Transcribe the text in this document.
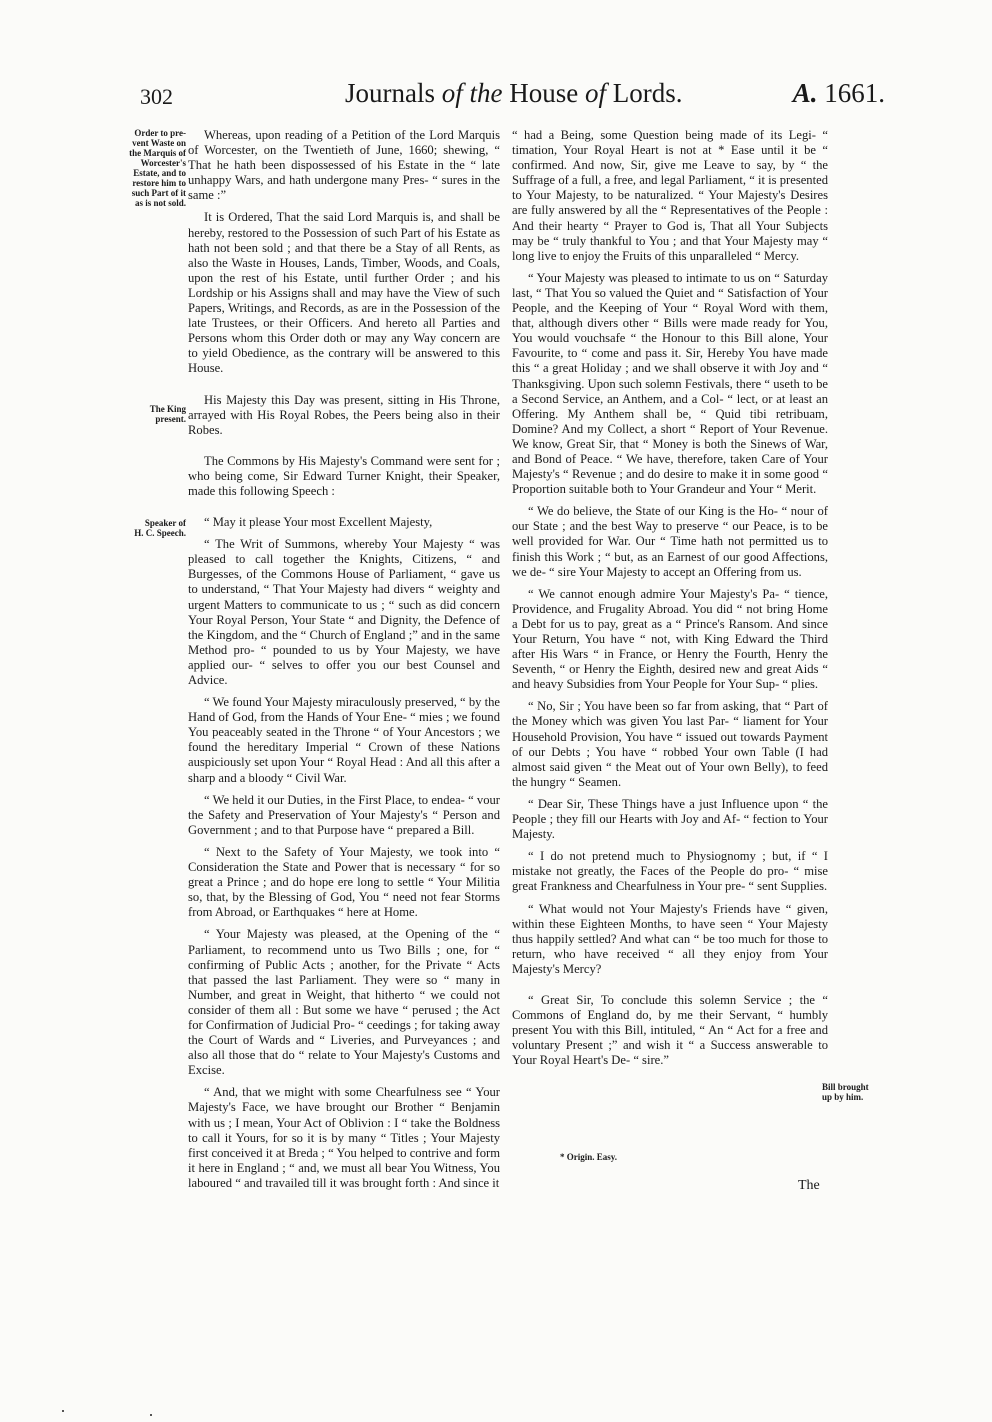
302	Journals of the House of Lords.	A. 1661.
Order to pre-
vent Waste on
the Marquis of
Worcester's
Estate, and to
restore him to
such Part of it
as is not sold.
The King
present.
Speaker of
H. C. Speech.
Bill brought
up by him.

Whereas, upon reading of a Petition of the Lord Marquis of Worcester, on the Twentieth of June, 1660; shewing, “ That he hath been dispossessed of his Estate in the “ late unhappy Wars, and hath undergone many Pres- “ sures in the same :”

It is Ordered, That the said Lord Marquis is, and shall be hereby, restored to the Possession of such Part of his Estate as hath not been sold ; and that there be a Stay of all Rents, as also the Waste in Houses, Lands, Timber, Woods, and Coals, upon the rest of his Estate, until further Order ; and his Lordship or his Assigns shall and may have the View of such Papers, Writings, and Records, as are in the Possession of the late Trustees, or their Officers. And hereto all Parties and Persons whom this Order doth or may any Way concern are to yield Obedience, as the contrary will be answered to this House.

His Majesty this Day was present, sitting in His Throne, arrayed with His Royal Robes, the Peers being also in their Robes.

The Commons by His Majesty's Command were sent for ; who being come, Sir Edward Turner Knight, their Speaker, made this following Speech :

“ May it please Your most Excellent Majesty,

“ The Writ of Summons, whereby Your Majesty “ was pleased to call together the Knights, Citizens, “ and Burgesses, of the Commons House of Parliament, “ gave us to understand, “ That Your Majesty had divers “ weighty and urgent Matters to communicate to us ; “ such as did concern Your Royal Person, Your State “ and Dignity, the Defence of the Kingdom, and the “ Church of England ;” and in the same Method pro- “ pounded to us by Your Majesty, we have applied our- “ selves to offer you our best Counsel and Advice.

“ We found Your Majesty miraculously preserved, “ by the Hand of God, from the Hands of Your Ene- “ mies ; we found You peaceably seated in the Throne “ of Your Ancestors ; we found the hereditary Imperial “ Crown of these Nations auspiciously set upon Your “ Royal Head : And all this after a sharp and a bloody “ Civil War.

“ We held it our Duties, in the First Place, to endea- “ vour the Safety and Preservation of Your Majesty's “ Person and Government ; and to that Purpose have “ prepared a Bill.

“ Next to the Safety of Your Majesty, we took into “ Consideration the State and Power that is necessary “ for so great a Prince ; and do hope ere long to settle “ Your Militia so, that, by the Blessing of God, You “ need not fear Storms from Abroad, or Earthquakes “ here at Home.

“ Your Majesty was pleased, at the Opening of the “ Parliament, to recommend unto us Two Bills ; one, for “ confirming of Public Acts ; another, for the Private “ Acts that passed the last Parliament. They were so “ many in Number, and great in Weight, that hitherto “ we could not consider of them all : But some we have “ perused ; the Act for Confirmation of Judicial Pro- “ ceedings ; for taking away the Court of Wards and “ Liveries, and Purveyances ; and also all those that do “ relate to Your Majesty's Customs and Excise.

“ And, that we might with some Chearfulness see “ Your Majesty's Face, we have brought our Brother “ Benjamin with us ; I mean, Your Act of Oblivion : I “ take the Boldness to call it Yours, for so it is by many “ Titles ; Your Majesty first conceived it at Breda ; “ You helped to contrive and form it here in England ; “ and, we must all bear You Witness, You laboured “ and travailed till it was brought forth : And since it

“ had a Being, some Question being made of its Legi- “ timation, Your Royal Heart is not at * Ease until it be “ confirmed. And now, Sir, give me Leave to say, by “ the Suffrage of a full, a free, and legal Parliament, “ it is presented to Your Majesty, to be naturalized. “ Your Majesty's Desires are fully answered by all the “ Representatives of the People : And their hearty “ Prayer to God is, That all Your Subjects may be “ truly thankful to You ; and that Your Majesty may “ long live to enjoy the Fruits of this unparalleled “ Mercy.

“ Your Majesty was pleased to intimate to us on “ Saturday last, “ That You so valued the Quiet and “ Satisfaction of Your People, and the Keeping of Your “ Royal Word with them, that, although divers other “ Bills were made ready for You, You would vouchsafe “ the Honour to this Bill alone, Your Favourite, to “ come and pass it. Sir, Hereby You have made this “ a great Holiday ; and we shall observe it with Joy and “ Thanksgiving. Upon such solemn Festivals, there “ useth to be a Second Service, an Anthem, and a Col- “ lect, or at least an Offering. My Anthem shall be, “ Quid tibi retribuam, Domine? And my Collect, a short “ Report of Your Revenue. We know, Great Sir, that “ Money is both the Sinews of War, and Bond of Peace. “ We have, therefore, taken Care of Your Majesty's “ Revenue ; and do desire to make it in some good “ Proportion suitable both to Your Grandeur and Your “ Merit.

“ We do believe, the State of our King is the Ho- “ nour of our State ; and the best Way to preserve “ our Peace, is to be well provided for War. Our “ Time hath not permitted us to finish this Work ; “ but, as an Earnest of our good Affections, we de- “ sire Your Majesty to accept an Offering from us.

“ We cannot enough admire Your Majesty's Pa- “ tience, Providence, and Frugality Abroad. You did “ not bring Home a Debt for us to pay, great as a “ Prince's Ransom. And since Your Return, You have “ not, with King Edward the Third after His Wars “ in France, or Henry the Fourth, Henry the Seventh, “ or Henry the Eighth, desired new and great Aids “ and heavy Subsidies from Your People for Your Sup- “ plies.

“ No, Sir ; You have been so far from asking, that “ Part of the Money which was given You last Par- “ liament for Your Household Provision, You have “ issued out towards Payment of our Debts ; You have “ robbed Your own Table (I had almost said given “ the Meat out of Your own Belly), to feed the hungry “ Seamen.

“ Dear Sir, These Things have a just Influence upon “ the People ; they fill our Hearts with Joy and Af- “ fection to Your Majesty.

“ I do not pretend much to Physiognomy ; but, if “ I mistake not greatly, the Faces of the People do pro- “ mise great Frankness and Chearfulness in Your pre- “ sent Supplies.

“ What would not Your Majesty's Friends have “ given, within these Eighteen Months, to have seen “ Your Majesty thus happily settled? And what can “ be too much for those to return, who have received “ all they enjoy from Your Majesty's Mercy?

“ Great Sir, To conclude this solemn Service ; the “ Commons of England do, by me their Servant, “ humbly present You with this Bill, intituled, “ An “ Act for a free and voluntary Present ;” and wish it “ a Success answerable to Your Royal Heart's De- “ sire.”

* Origin. Easy.
The
